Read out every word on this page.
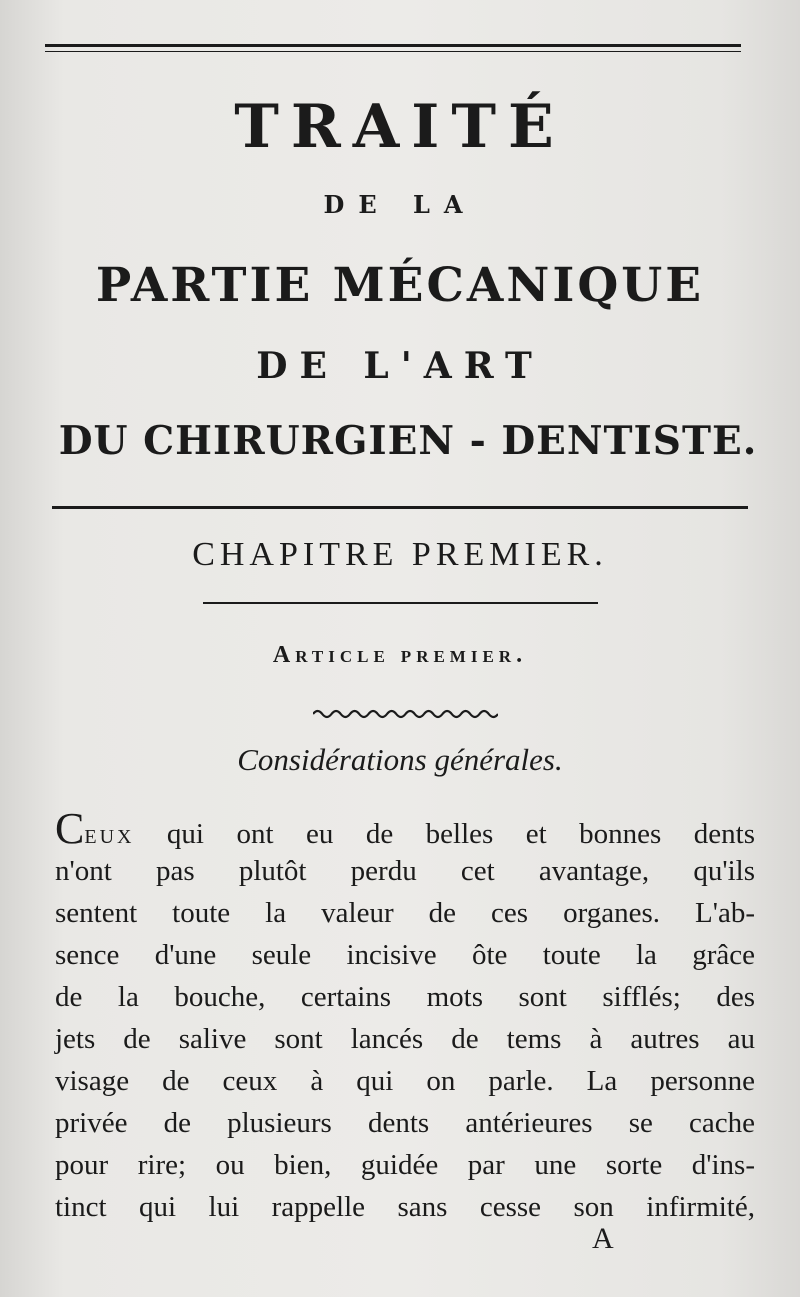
TRAITÉ
DE LA
PARTIE MÉCANIQUE
DE L'ART
DU CHIRURGIEN - DENTISTE.
CHAPITRE PREMIER.
Article premier.
Considérations générales.
Ceux qui ont eu de belles et bonnes dents
n'ont pas plutôt perdu cet avantage, qu'ils
sentent toute la valeur de ces organes. L'ab-
sence d'une seule incisive ôte toute la grâce
de la bouche, certains mots sont sifflés; des
jets de salive sont lancés de tems à autres au
visage de ceux à qui on parle. La personne
privée de plusieurs dents antérieures se cache
pour rire; ou bien, guidée par une sorte d'ins-
tinct qui lui rappelle sans cesse son infirmité,
A
